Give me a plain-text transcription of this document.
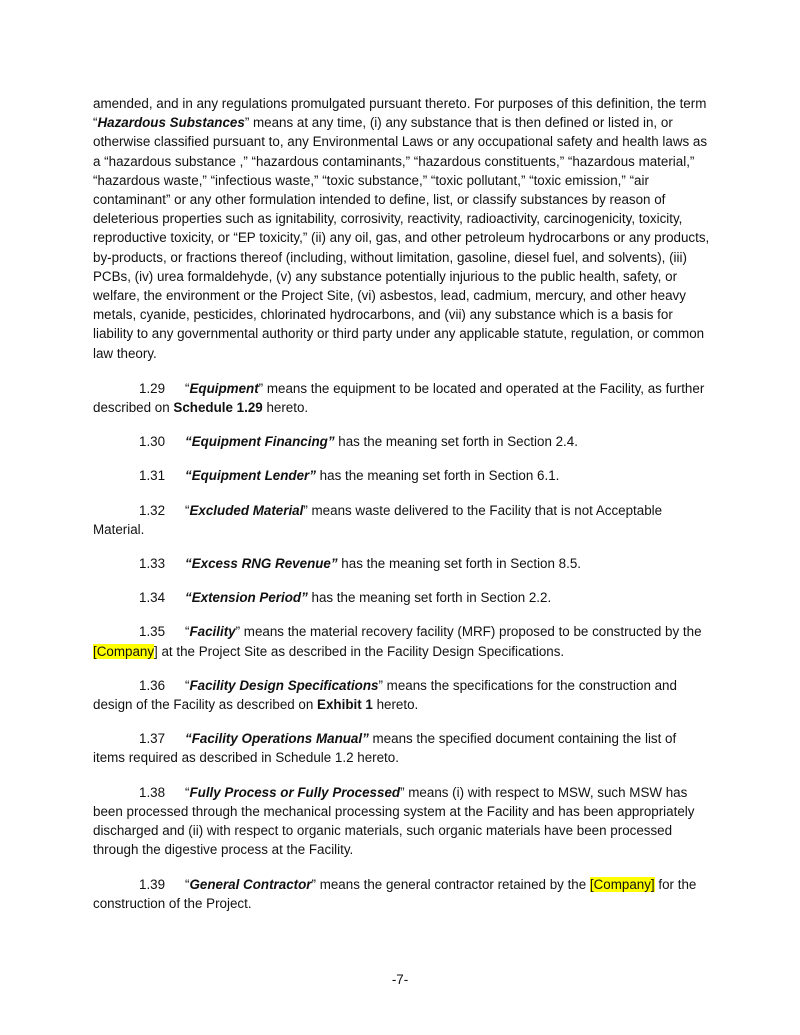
amended, and in any regulations promulgated pursuant thereto. For purposes of this definition, the term “Hazardous Substances” means at any time, (i) any substance that is then defined or listed in, or otherwise classified pursuant to, any Environmental Laws or any occupational safety and health laws as a “hazardous substance ,” “hazardous contaminants,” “hazardous constituents,” “hazardous material,” “hazardous waste,” “infectious waste,” “toxic substance,” “toxic pollutant,” “toxic emission,” “air contaminant” or any other formulation intended to define, list, or classify substances by reason of deleterious properties such as ignitability, corrosivity, reactivity, radioactivity, carcinogenicity, toxicity, reproductive toxicity, or “EP toxicity,” (ii) any oil, gas, and other petroleum hydrocarbons or any products, by-products, or fractions thereof (including, without limitation, gasoline, diesel fuel, and solvents), (iii) PCBs, (iv) urea formaldehyde, (v) any substance potentially injurious to the public health, safety, or welfare, the environment or the Project Site, (vi) asbestos, lead, cadmium, mercury, and other heavy metals, cyanide, pesticides, chlorinated hydrocarbons, and (vii) any substance which is a basis for liability to any governmental authority or third party under any applicable statute, regulation, or common law theory.

1.29 “Equipment” means the equipment to be located and operated at the Facility, as further described on Schedule 1.29 hereto.

1.30 “Equipment Financing” has the meaning set forth in Section 2.4.

1.31 “Equipment Lender” has the meaning set forth in Section 6.1.

1.32 “Excluded Material” means waste delivered to the Facility that is not Acceptable Material.

1.33 “Excess RNG Revenue” has the meaning set forth in Section 8.5.

1.34 “Extension Period” has the meaning set forth in Section 2.2.

1.35 “Facility” means the material recovery facility (MRF) proposed to be constructed by the [Company] at the Project Site as described in the Facility Design Specifications.

1.36 “Facility Design Specifications” means the specifications for the construction and design of the Facility as described on Exhibit 1 hereto.

1.37 “Facility Operations Manual” means the specified document containing the list of items required as described in Schedule 1.2 hereto.

1.38 “Fully Process or Fully Processed” means (i) with respect to MSW, such MSW has been processed through the mechanical processing system at the Facility and has been appropriately discharged and (ii) with respect to organic materials, such organic materials have been processed through the digestive process at the Facility.

1.39 “General Contractor” means the general contractor retained by the [Company] for the construction of the Project.

-7-
